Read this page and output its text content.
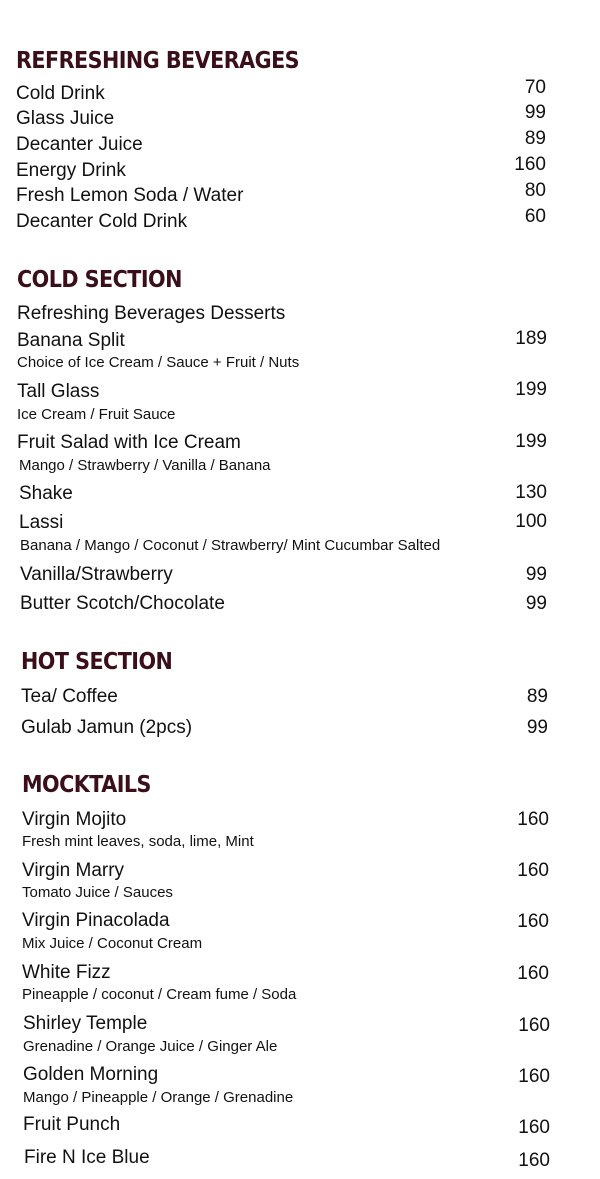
REFRESHING BEVERAGES
Cold Drink	70
Glass Juice	99
Decanter Juice	89
Energy Drink	160
Fresh Lemon Soda / Water	80
Decanter Cold Drink	60
COLD SECTION
Refreshing Beverages Desserts
Banana Split	189
Choice of Ice Cream / Sauce + Fruit / Nuts
Tall Glass	199
Ice Cream / Fruit Sauce
Fruit Salad with Ice Cream	199
Mango / Strawberry / Vanilla / Banana
Shake	130
Lassi	100
Banana / Mango / Coconut / Strawberry/ Mint Cucumbar Salted
Vanilla/Strawberry	99
Butter Scotch/Chocolate	99
HOT SECTION
Tea/ Coffee	89
Gulab Jamun (2pcs)	99
MOCKTAILS
Virgin Mojito	160
Fresh mint leaves, soda, lime, Mint
Virgin Marry	160
Tomato Juice / Sauces
Virgin Pinacolada	160
Mix Juice / Coconut Cream
White Fizz	160
Pineapple / coconut / Cream fume / Soda
Shirley Temple	160
Grenadine / Orange Juice / Ginger Ale
Golden Morning	160
Mango / Pineapple / Orange / Grenadine
Fruit Punch	160
Fire N Ice Blue	160
